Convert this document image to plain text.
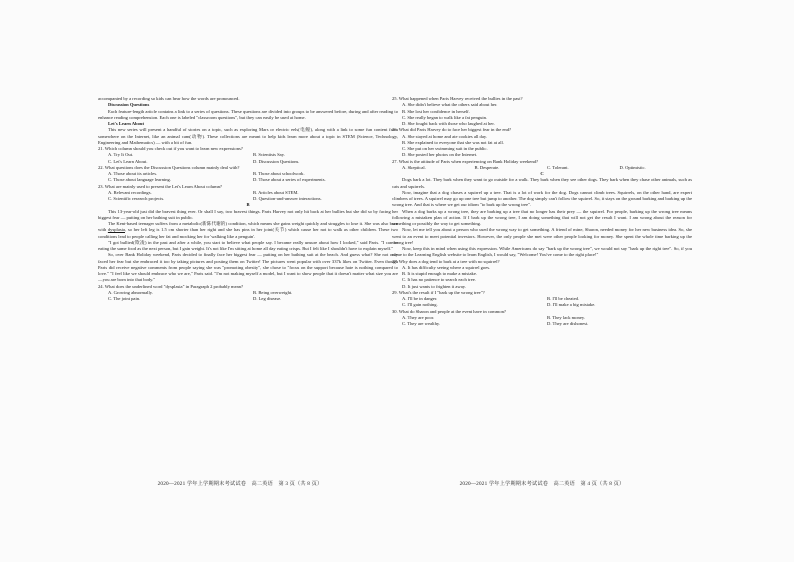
accompanied by a recording so kids can hear how the words are pronounced.

Discussion Questions

Each feature-length article contains a link to a series of questions. These questions are divided into groups to be answered before, during and after reading to enhance reading comprehension. Each one is labeled "classroom questions", but they can easily be used at home.

Let's Learn About

This new series will present a handful of stories on a topic, such as exploring Mars or electric eels(电鳗), along with a link to some fun content from somewhere on the Internet, like an animal cam(动物). These collections are meant to help kids learn more about a topic in STEM (Science, Technology, Engineering and Mathematics) — with a bit of fun.

21. Which column should you check out if you want to learn new expressions?

A. Try It Out.	B. Scientists Say.
C. Let's Learn About.	D. Discussion Questions.

22. What questions does the Discussion Questions column mainly deal with?

A. Those about its articles.	B. Those about schoolwork.
C. Those about language learning.	D. Those about a series of experiments.

23. What are mainly used to present the Let's Learn About column?

A. Relevant recordings.	B. Articles about STEM.
C. Scientific research projects.	D. Question-and-answer interactions.

B

This 13-year-old just did the bravest thing ever. Or shall I say, two bravest things. Paris Harvey not only hit back at her bullies but she did so by facing her biggest fear — putting on her bathing suit in public.

The Kent-based teenager suffers from a metabolic(新陈代谢的) condition, which means she gains weight quickly and struggles to lose it. She was also born with dysplasia, so her left leg is 1.5 cm shorter than her right and she has pins in her joint(关节) which cause her not to walk as other children. These two conditions lead to people calling her fat and mocking her for 'walking like a penguin'.

"I got bullied(欺凌) in the past and after a while, you start to believe what people say. I became really unsure about how I looked," said Paris. "I can be eating the same food as the next person, but I gain weight. It's not like I'm sitting at home all day eating crisps. But I felt like I shouldn't have to explain myself."

So, over Bank Holiday weekend, Paris decided to finally face her biggest fear — putting on her bathing suit at the beach. And guess what? She not only faced her fear but she embraced it too by taking pictures and posting them on Twitter! The pictures went popular with over 337k likes on Twitter. Even though Paris did receive negative comments from people saying she was "promoting obesity", she chose to "focus on the support because hate is nothing compared to love." "I feel like we should embrace who we are," Paris said. "I'm not making myself a model, but I want to show people that it doesn't matter what size you are—you are born into that body."

24. What does the underlined word "dysplasia" in Paragraph 2 probably mean?

A. Growing abnormally.	B. Being overweight.
C. The joint pain.	D. Leg disease.

25. What happened when Paris Harvey received the bullies in the past?

A. She didn't believe what the others said about her.
B. She lost her confidence in herself.
C. She really began to walk like a fat penguin.
D. She fought back with those who laughed at her.

26. What did Paris Harvey do to face her biggest fear in the end?

A. She stayed at home and ate cookies all day.
B. She explained to everyone that she was not fat at all.
C. She put on her swimming suit in the public.
D. She posted her photos on the Internet.

27. What is the attitude of Paris when experiencing on Bank Holiday weekend?

A. Skeptical.	B. Desperate.	C. Tolerant.	D. Optimistic.

C

Dogs bark a lot. They bark when they want to go outside for a walk. They bark when they see other dogs. They bark when they chase other animals, such as cats and squirrels.

Now, imagine that a dog chases a squirrel up a tree. That is a lot of work for the dog. Dogs cannot climb trees. Squirrels, on the other hand, are expert climbers of trees. A squirrel may go up one tree but jump to another. The dog simply can't follow the squirrel. So, it stays on the ground barking and barking up the wrong tree. And that is where we get our idiom "to bark up the wrong tree".

When a dog barks up a wrong tree, they are barking up a tree that no longer has their prey — the squirrel. For people, barking up the wrong tree means following a mistaken plan of action. If I bark up the wrong tree, I am doing something that will not get the result I want. I am wrong about the reason for something or possibly the way to get something.

Now, let me tell you about a person who used the wrong way to get something. A friend of mine, Sharon, needed money for her new business idea. So, she went to an event to meet potential investors. However, the only people she met were other people looking for money. She spent the whole time barking up the wrong tree!

Now, keep this in mind when using this expression. While Americans do say "bark up the wrong tree", we would not say "bark up the right tree". So, if you come to the Learning English website to learn English, I would say, "Welcome! You've come to the right place!"

28. Why does a dog tend to bark at a tree with no squirrel?

A. It has difficulty seeing where a squirrel goes.
B. It is stupid enough to make a mistake.
C. It has no patience to search each tree.
D. It just wants to frighten it away.

29. What's the result if I "bark up the wrong tree"?

A. I'll be in danger.	B. I'll be cheated.
C. I'll gain nothing.	D. I'll make a big mistake.

30. What do Sharon and people at the event have in common?

A. They are poor.	B. They lack money.
C. They are wealthy.	D. They are dishonest.
2020—2021 学年上学期期末考试试卷　高二英语　第 3 页（共 8 页）	2020—2021 学年上学期期末考试试卷　高二英语　第 4 页（共 8 页）
